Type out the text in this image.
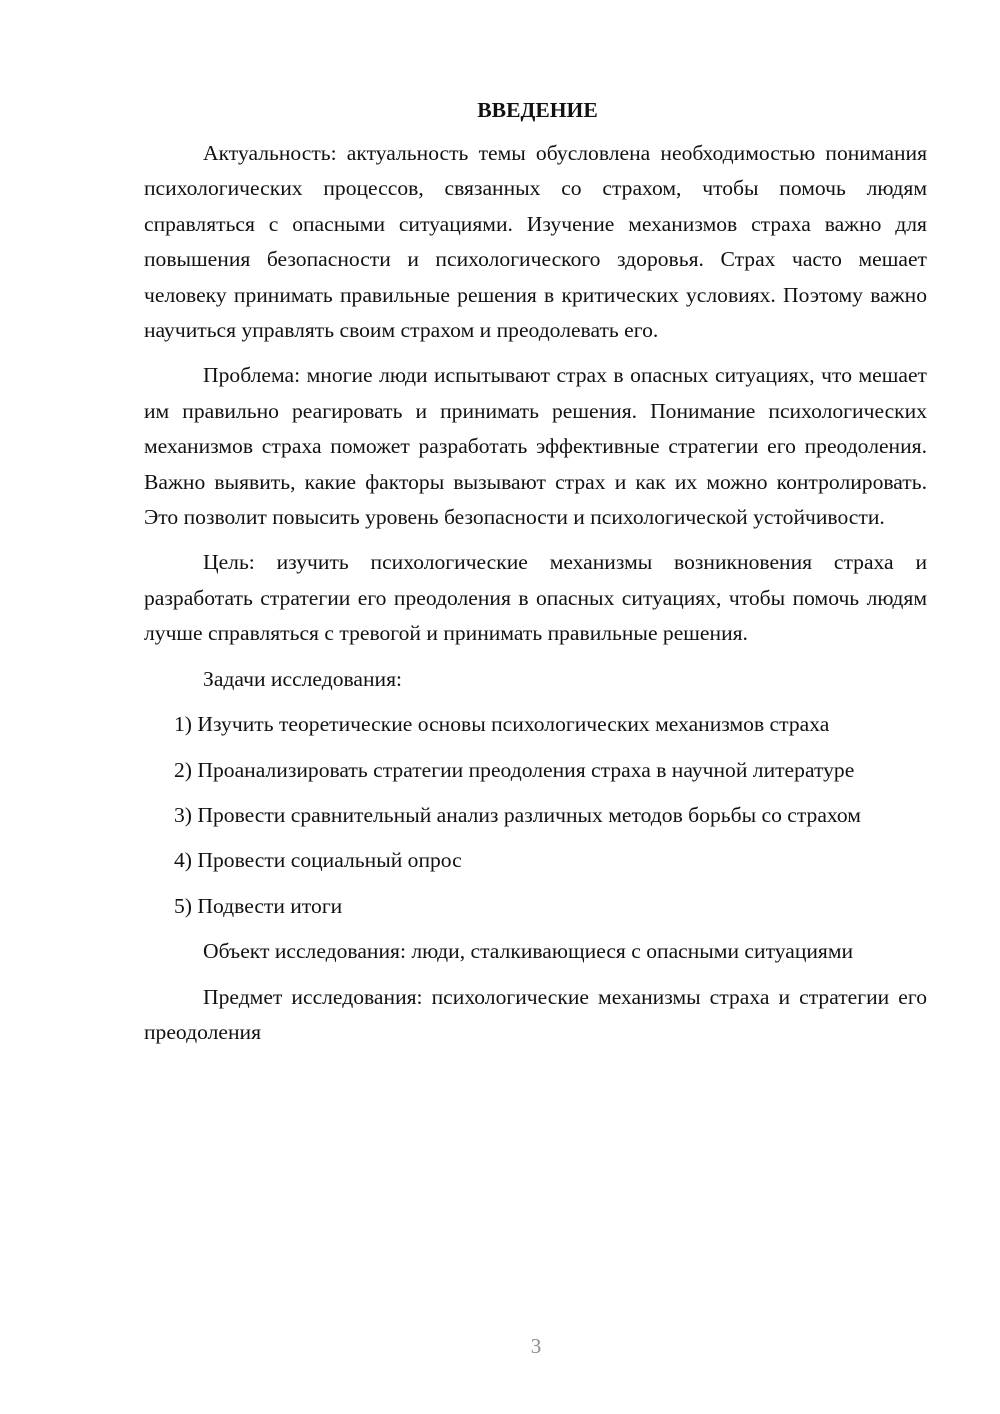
ВВЕДЕНИЕ

Актуальность: актуальность темы обусловлена необходимостью понимания психологических процессов, связанных со страхом, чтобы помочь людям справляться с опасными ситуациями. Изучение механизмов страха важно для повышения безопасности и психологического здоровья. Страх часто мешает человеку принимать правильные решения в критических условиях. Поэтому важно научиться управлять своим страхом и преодолевать его.

Проблема: многие люди испытывают страх в опасных ситуациях, что мешает им правильно реагировать и принимать решения. Понимание психологических механизмов страха поможет разработать эффективные стратегии его преодоления. Важно выявить, какие факторы вызывают страх и как их можно контролировать. Это позволит повысить уровень безопасности и психологической устойчивости.

Цель: изучить психологические механизмы возникновения страха и разработать стратегии его преодоления в опасных ситуациях, чтобы помочь людям лучше справляться с тревогой и принимать правильные решения.

Задачи исследования:

1) Изучить теоретические основы психологических механизмов страха

2) Проанализировать стратегии преодоления страха в научной литературе

3) Провести сравнительный анализ различных методов борьбы со страхом

4) Провести социальный опрос

5) Подвести итоги

Объект исследования: люди, сталкивающиеся с опасными ситуациями

Предмет исследования: психологические механизмы страха и стратегии его преодоления

3
